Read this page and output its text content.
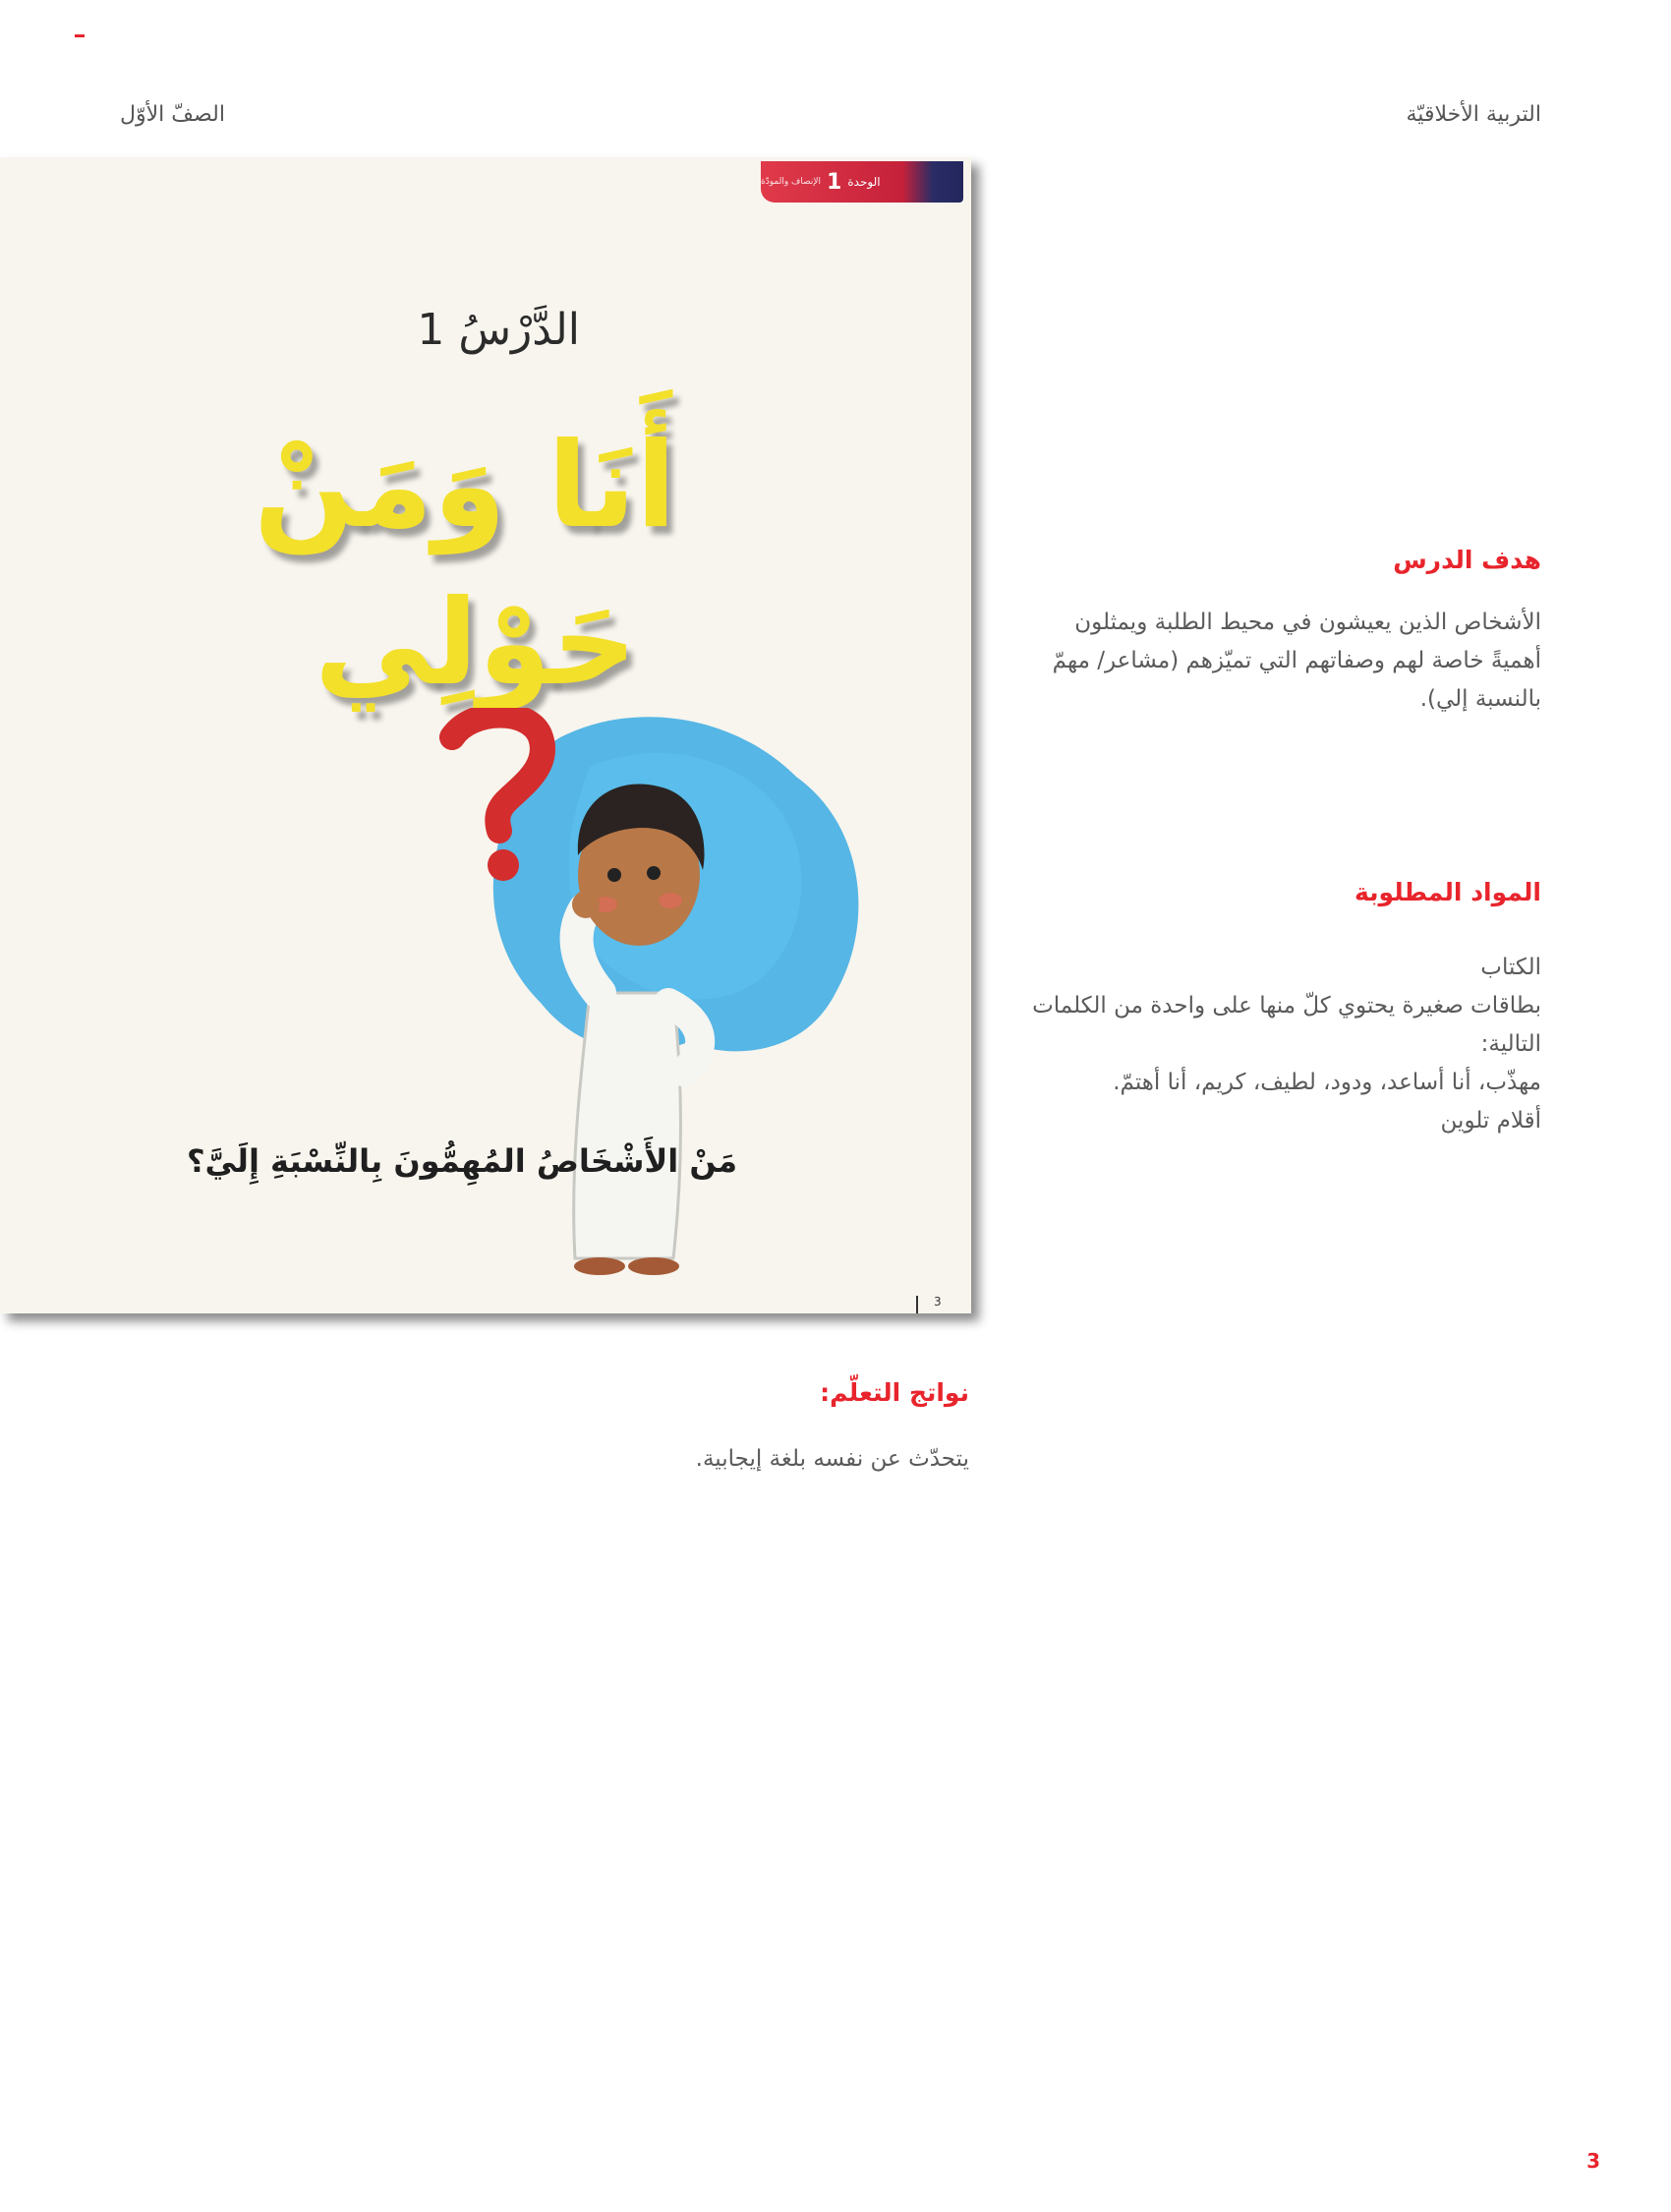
التربية الأخلاقيّة
الصفّ الأوّل
الوحدة
1
الإنصاف والمودّة
الدَّرْسُ 1
أَنَا وَمَنْ
حَوْلِي
مَنْ الأَشْخَاصُ المُهِمُّونَ بِالنِّسْبَةِ إِلَيَّ؟
3
هدف الدرس
الأشخاص الذين يعيشون في محيط الطلبة ويمثلون أهميةً خاصة لهم وصفاتهم التي تميّزهم (مشاعر/ مهمّ بالنسبة إلي).
المواد المطلوبة
الكتاب
بطاقات صغيرة يحتوي كلّ منها على واحدة من الكلمات التالية:
مهذّب، أنا أساعد، ودود، لطيف، كريم، أنا أهتمّ.
أقلام تلوين
نواتج التعلّم:
يتحدّث عن نفسه بلغة إيجابية.
3
